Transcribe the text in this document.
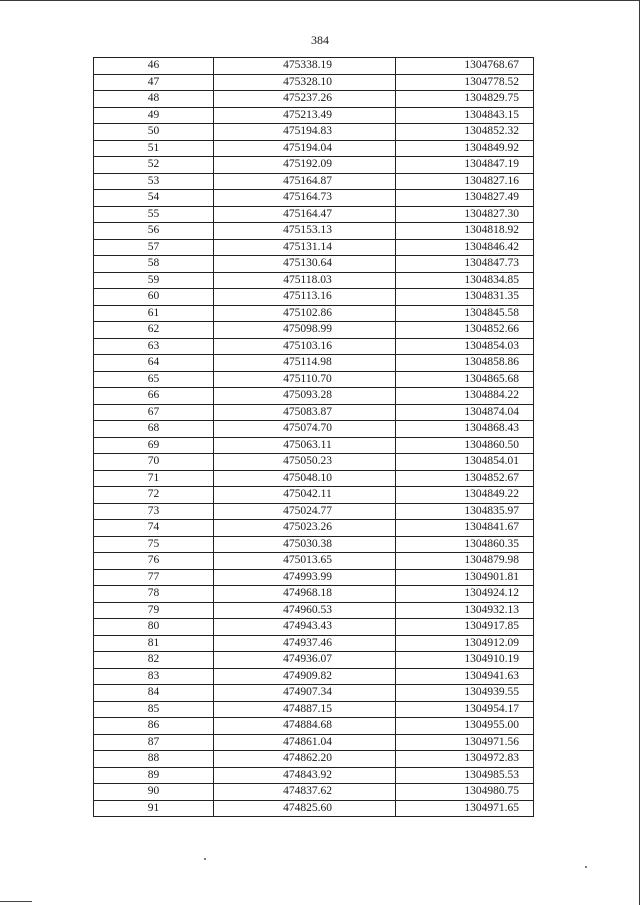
384
46	475338.19	1304768.67
47	475328.10	1304778.52
48	475237.26	1304829.75
49	475213.49	1304843.15
50	475194.83	1304852.32
51	475194.04	1304849.92
52	475192.09	1304847.19
53	475164.87	1304827.16
54	475164.73	1304827.49
55	475164.47	1304827.30
56	475153.13	1304818.92
57	475131.14	1304846.42
58	475130.64	1304847.73
59	475118.03	1304834.85
60	475113.16	1304831.35
61	475102.86	1304845.58
62	475098.99	1304852.66
63	475103.16	1304854.03
64	475114.98	1304858.86
65	475110.70	1304865.68
66	475093.28	1304884.22
67	475083.87	1304874.04
68	475074.70	1304868.43
69	475063.11	1304860.50
70	475050.23	1304854.01
71	475048.10	1304852.67
72	475042.11	1304849.22
73	475024.77	1304835.97
74	475023.26	1304841.67
75	475030.38	1304860.35
76	475013.65	1304879.98
77	474993.99	1304901.81
78	474968.18	1304924.12
79	474960.53	1304932.13
80	474943.43	1304917.85
81	474937.46	1304912.09
82	474936.07	1304910.19
83	474909.82	1304941.63
84	474907.34	1304939.55
85	474887.15	1304954.17
86	474884.68	1304955.00
87	474861.04	1304971.56
88	474862.20	1304972.83
89	474843.92	1304985.53
90	474837.62	1304980.75
91	474825.60	1304971.65
